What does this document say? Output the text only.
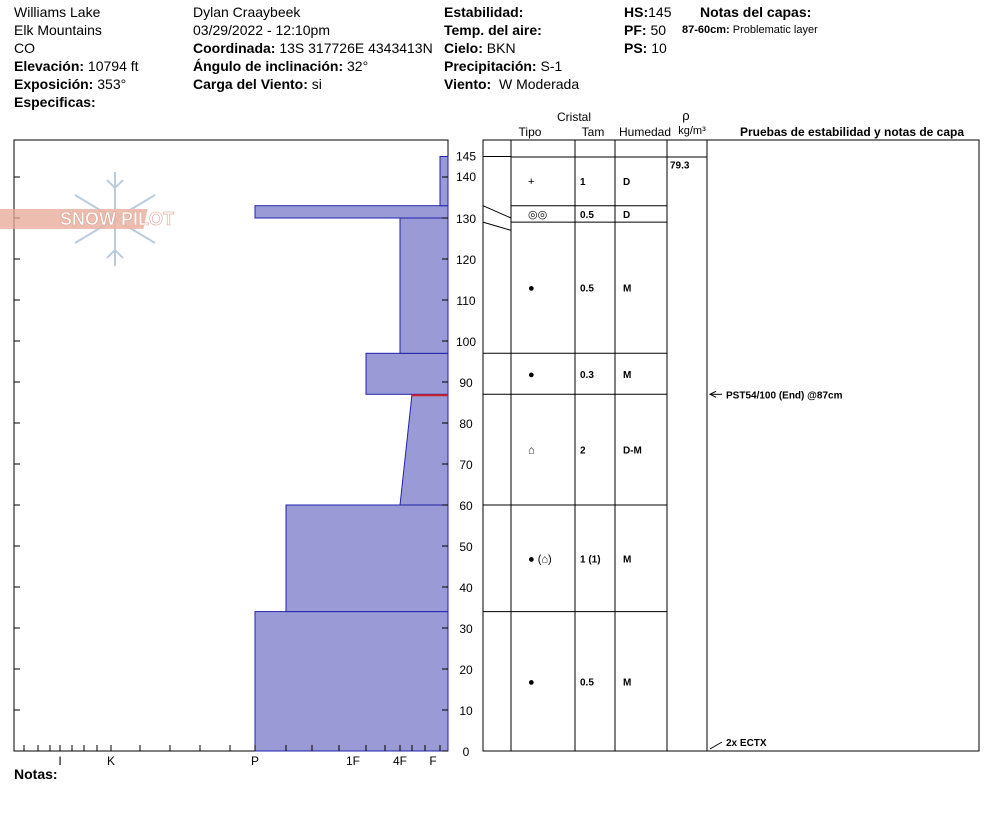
Williams Lake
Elk Mountains
CO
Elevación: 10794 ft
Exposición: 353°
Especificas:
Dylan Craaybeek
03/29/2022 - 12:10pm
Coordinada: 13S 317726E 4343413N
Ángulo de inclinación: 32°
Carga del Viento: si
Estabilidad:
Temp. del aire:
Cielo: BKN
Precipitación: S-1
Viento: W Moderada
HS:145
PF: 50
PS: 10
Notas del capas:
87-60cm: Problematic layer
Notas:
I	K	P	1F	4F F
0
10
20
30
40
50
60
70
80
90
100
110
120
130
140
145
SNOW PILOT
Cristal
Tipo	Tam Humedad
ρ
kg/m³	Pruebas de estabilidad y notas de capa
+	1	D
◎◎	0.5	D
●	0.5	M
●	0.3	M
⌂	2	D-M
● (⌂)	1 (1) M
●	0.5	M
79.3
PST54/100 (End) @87cm
2x ECTX
